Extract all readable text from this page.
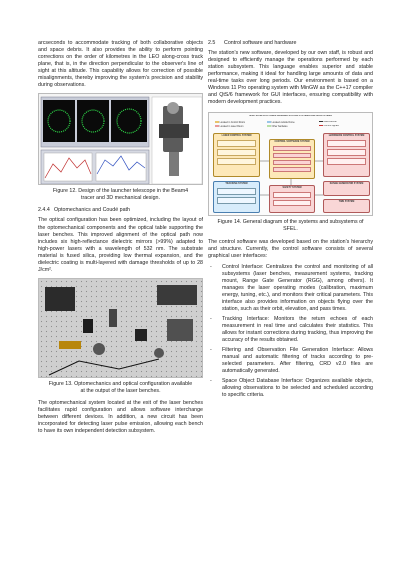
arcseconds to accommodate tracking of both collaborative objects and space debris. It also provides the ability to perform pointing corrections on the order of kilometres in the LEO along-cross track plane, that is, in the direction perpendicular to the observer's line of sight at this altitude. This capability allows for correction of possible misalignments, thereby improving the system's precision and stability during observations.

Figure 12. Design of the launcher telescope in the Beam4 tracer and 3D mechanical design.
2.4.4 Optomechanics and Coudé path

The optical configuration has been optimized, including the layout of the optomechanical components and the optical table supporting the laser benches. This improved alignment of the optical path now includes six high-reflectance dielectric mirrors (>99%) adapted to high-power lasers with a wavelength of 532 nm. The substrate material is fused silica, providing low thermal expansion, and the dielectric coating is multi-layered with damage thresholds of up to 28 J/cm².

Figure 13. Optomechanics and optical configuration available at the output of the laser benches.

The optomechanical system located at the exit of the laser benches facilitates rapid configuration and allows software interchange between different devices. In addition, a new circuit has been incorporated for detecting laser pulse emission, allowing each bench to have its own independent detection subsystem.

2.5 Control software and hardware

The station's new software, developed by our own staff, is robust and designed to efficiently manage the operations performed by each station subsystem. This language enables superior and stable performance, making it ideal for handling large amounts of data and real-time tasks over long periods. Our environment is based on a Windows 11 Pro operating system with MinGW as the C++17 compiler and QtS/6 framework for GUI interfaces, ensuring compatibility with modern development practices.

SFEL SATELLITE LASER RANGING STATION SYSTEMS AND SUBSYSTEMS
Located in Control Room
Located in Laser Room
Located outside Dome
Other hardware
Data transfer
Control signals
LASER CONTROL SYSTEM
CONTROL SOFTWARE SYSTEM
HARDWARE CONTROL SYSTEM
TRACKING SYSTEM
SAFETY SYSTEM
RANGE GENERATOR SYSTEM
TIME SYSTEM
Figure 14. General diagram of the systems and subsystems of SFEL.

The control software was developed based on the station's hierarchy and structure. Currently, the control software consists of several graphical user interfaces:

- Control Interface: Centralizes the control and monitoring of all subsystems (laser benches, measurement systems, tracking mount, Range Gate Generator (RGG), among others). It manages the laser operating modes (calibration, maximum energy, tuning, etc.), and monitors their critical parameters. This interface also provides information on objects flying over the station, such as their orbit, elevation, and pass times.
- Tracking Interface: Monitors the return echoes of each measurement in real time and calculates their statistics. This allows for instant corrections during tracking, thus improving the accuracy of the results obtained.
- Filtering and Observation File Generation Interface: Allows manual and automatic filtering of tracks according to pre-selected parameters. After filtering, CRD v2.0 files are automatically generated.
- Space Object Database Interface: Organizes available objects, allowing observations to be selected and scheduled according to specific criteria.
